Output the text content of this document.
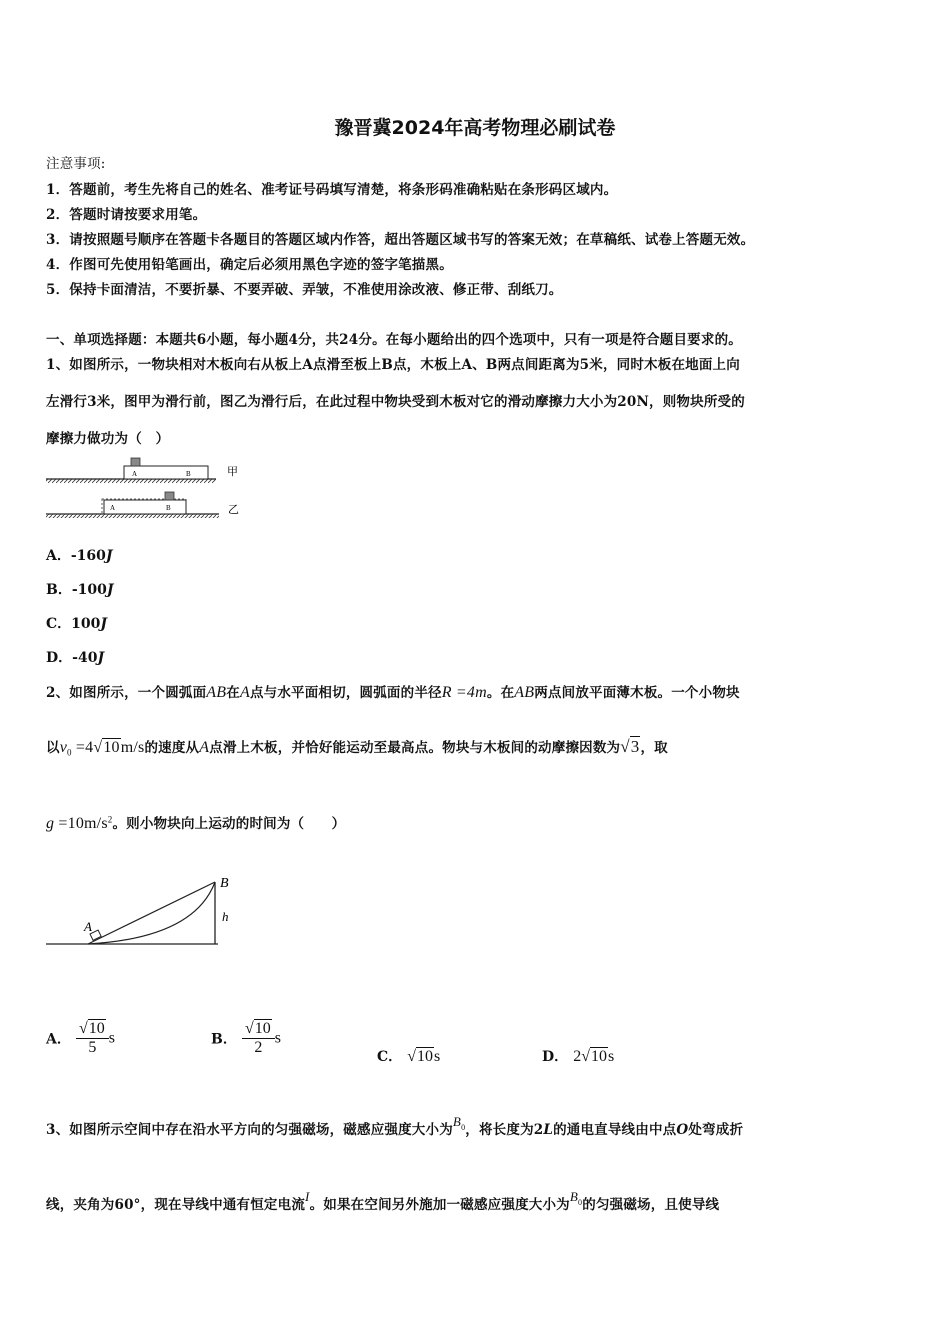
豫晋冀2024年高考物理必刷试卷
注意事项:
1．答题前，考生先将自己的姓名、准考证号码填写清楚，将条形码准确粘贴在条形码区域内。
2．答题时请按要求用笔。
3．请按照题号顺序在答题卡各题目的答题区域内作答，超出答题区域书写的答案无效；在草稿纸、试卷上答题无效。
4．作图可先使用铅笔画出，确定后必须用黑色字迹的签字笔描黑。
5．保持卡面清洁，不要折暴、不要弄破、弄皱，不准使用涂改液、修正带、刮纸刀。
一、单项选择题：本题共6小题，每小题4分，共24分。在每小题给出的四个选项中，只有一项是符合题目要求的。
1、如图所示，一物块相对木板向右从板上A点滑至板上B点，木板上A、B两点间距离为5米，同时木板在地面上向
左滑行3米，图甲为滑行前，图乙为滑行后，在此过程中物块受到木板对它的滑动摩擦力大小为20N，则物块所受的
摩擦力做功为（　）
A	B	甲
A	B	乙
A．-160J
B．-100J
C．100J
D．-40J
2、如图所示，一个圆弧面AB在A点与水平面相切，圆弧面的半径R =4m。在AB两点间放平面薄木板。一个小物块
以$v_0 =4√10m/s$的速度从A点滑上木板，并恰好能运动至最高点。物块与木板间的动摩擦因数为√3，取
$g =10m/s^2$。则小物块向上运动的时间为（　　）
A
B
h
A． $\frac{√10}{5}$ s	B． $\frac{√10}{2}$ s
C． √10s	D． 2√10s
3、如图所示空间中存在沿水平方向的匀强磁场，磁感应强度大小为$B_0$，将长度为2L的通电直导线由中点O处弯成折
线，夹角为60°，现在导线中通有恒定电流I。如果在空间另外施加一磁感应强度大小为$B_0$的匀强磁场，且使导线
